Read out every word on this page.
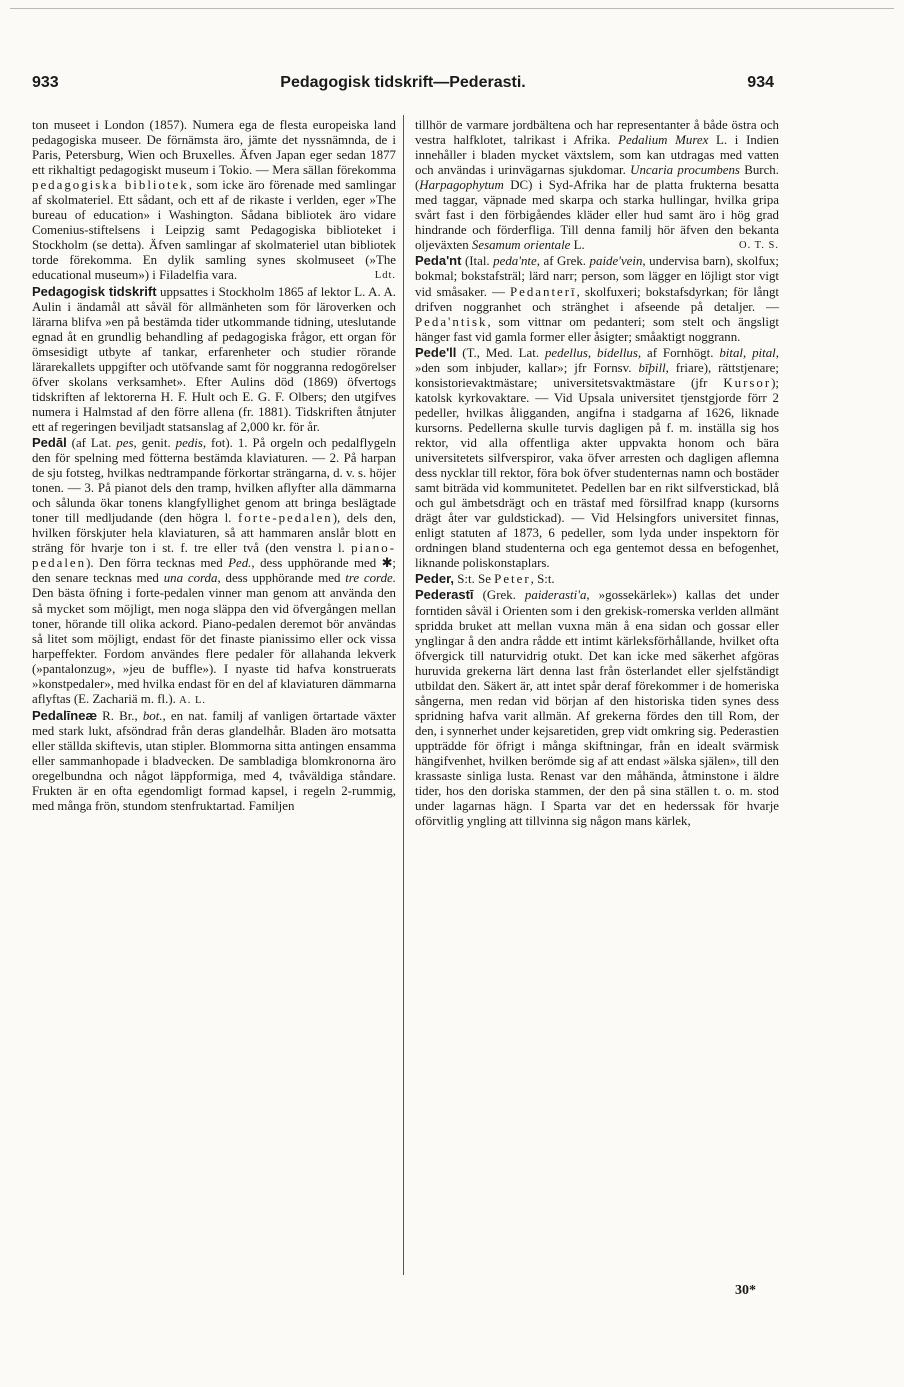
933	Pedagogisk tidskrift—Pederasti.	934

ton museet i London (1857). Numera ega de flesta europeiska land pedagogiska museer. De förnämsta äro, jämte det nyssnämnda, de i Paris, Petersburg, Wien och Bruxelles. Äfven Japan eger sedan 1877 ett rikhaltigt pedagogiskt museum i Tokio. — Mera sällan förekomma pedagogiska bibliotek, som icke äro förenade med samlingar af skolmateriel. Ett sådant, och ett af de rikaste i verlden, eger »The bureau of education» i Washington. Sådana bibliotek äro vidare Comenius-stiftelsens i Leipzig samt Pedagogiska biblioteket i Stockholm (se detta). Äfven samlingar af skolmateriel utan bibliotek torde förekomma. En dylik samling synes skolmuseet (»The educational museum») i Filadelfia vara.	Ldt.

Pedagogisk tidskrift uppsattes i Stockholm 1865 af lektor L. A. A. Aulin i ändamål att såväl för allmänheten som för läroverken och lärarna blifva »en på bestämda tider utkommande tidning, uteslutande egnad åt en grundlig behandling af pedagogiska frågor, ett organ för ömsesidigt utbyte af tankar, erfarenheter och studier rörande lärarekallets uppgifter och utöfvande samt för noggranna redogörelser öfver skolans verksamhet». Efter Aulins död (1869) öfvertogs tidskriften af lektorerna H. F. Hult och E. G. F. Olbers; den utgifves numera i Halmstad af den förre allena (fr. 1881). Tidskriften åtnjuter ett af regeringen beviljadt statsanslag af 2,000 kr. för år.

Pedāl (af Lat. pes, genit. pedis, fot). 1. På orgeln och pedalflygeln den för spelning med fötterna bestämda klaviaturen. — 2. På harpan de sju fotsteg, hvilkas nedtrampande förkortar strängarna, d. v. s. höjer tonen. — 3. På pianot dels den tramp, hvilken aflyfter alla dämmarna och sålunda ökar tonens klangfyllighet genom att bringa beslägtade toner till medljudande (den högra l. forte-pedalen), dels den, hvilken förskjuter hela klaviaturen, så att hammaren anslår blott en sträng för hvarje ton i st. f. tre eller två (den venstra l. piano-pedalen). Den förra tecknas med Ped., dess upphörande med ✱; den senare tecknas med una corda, dess upphörande med tre corde. Den bästa öfning i forte-pedalen vinner man genom att använda den så mycket som möjligt, men noga släppa den vid öfvergången mellan toner, hörande till olika ackord. Piano-pedalen deremot bör användas så litet som möjligt, endast för det finaste pianissimo eller ock vissa harpeffekter. Fordom användes flere pedaler för allahanda lekverk (»pantalonzug», »jeu de buffle»). I nyaste tid hafva konstruerats »konstpedaler», med hvilka endast för en del af klaviaturen dämmarna aflyftas (E. Zachariä m. fl.). A. L.

Pedalīneæ R. Br., bot., en nat. familj af vanligen örtartade växter med stark lukt, afsöndrad från deras glandelhår. Bladen äro motsatta eller ställda skiftevis, utan stipler. Blommorna sitta antingen ensamma eller sammanhopade i bladvecken. De sambladiga blomkronorna äro oregelbundna och något läppformiga, med 4, tvåväldiga ståndare. Frukten är en ofta egendomligt formad kapsel, i regeln 2-rummig, med många frön, stundom stenfruktartad. Familjen

tillhör de varmare jordbältena och har representanter å både östra och vestra halfklotet, talrikast i Afrika. Pedalium Murex L. i Indien innehåller i bladen mycket växtslem, som kan utdragas med vatten och användas i urinvägarnas sjukdomar. Uncaria procumbens Burch. (Harpagophytum DC) i Syd-Afrika har de platta frukterna besatta med taggar, väpnade med skarpa och starka hullingar, hvilka gripa svårt fast i den förbigåendes kläder eller hud samt äro i hög grad hindrande och förderfliga. Till denna familj hör äfven den bekanta oljeväxten Sesamum orientale L.	O. T. S.

Peda'nt (Ital. peda'nte, af Grek. paide'vein, undervisa barn), skolfux; bokmal; bokstafsträl; lärd narr; person, som lägger en löjligt stor vigt vid småsaker. — Pedanterī, skolfuxeri; bokstafsdyrkan; för långt drifven noggranhet och stränghet i afseende på detaljer. — Peda'ntisk, som vittnar om pedanteri; som stelt och ängsligt hänger fast vid gamla former eller åsigter; småaktigt noggrann.

Pede'll (T., Med. Lat. pedellus, bidellus, af Fornhögt. bital, pital, »den som inbjuder, kallar»; jfr Fornsv. bīþill, friare), rättstjenare; konsistorievaktmästare; universitetsvaktmästare (jfr Kursor); katolsk kyrkovaktare. — Vid Upsala universitet tjenstgjorde förr 2 pedeller, hvilkas åligganden, angifna i stadgarna af 1626, liknade kursorns. Pedellerna skulle turvis dagligen på f. m. inställa sig hos rektor, vid alla offentliga akter uppvakta honom och bära universitetets silfverspiror, vaka öfver arresten och dagligen aflemna dess nycklar till rektor, föra bok öfver studenternas namn och bostäder samt biträda vid kommunitetet. Pedellen bar en rikt silfverstickad, blå och gul ämbetsdrägt och en trästaf med försilfrad knapp (kursorns drägt åter var guldstickad). — Vid Helsingfors universitet finnas, enligt statuten af 1873, 6 pedeller, som lyda under inspektorn för ordningen bland studenterna och ega gentemot dessa en befogenhet, liknande poliskonstaplars.

Peder, S:t. Se Peter, S:t.

Pederastī (Grek. paiderasti'a, »gossekärlek») kallas det under forntiden såväl i Orienten som i den grekisk-romerska verlden allmänt spridda bruket att mellan vuxna män å ena sidan och gossar eller ynglingar å den andra rådde ett intimt kärleksförhållande, hvilket ofta öfvergick till naturvidrig otukt. Det kan icke med säkerhet afgöras huruvida grekerna lärt denna last från österlandet eller sjelfständigt utbildat den. Säkert är, att intet spår deraf förekommer i de homeriska sångerna, men redan vid början af den historiska tiden synes dess spridning hafva varit allmän. Af grekerna fördes den till Rom, der den, i synnerhet under kejsaretiden, grep vidt omkring sig. Pederastien uppträdde för öfrigt i många skiftningar, från en idealt svärmisk hängifvenhet, hvilken berömde sig af att endast »älska själen», till den krassaste sinliga lusta. Renast var den måhända, åtminstone i äldre tider, hos den doriska stammen, der den på sina ställen t. o. m. stod under lagarnas hägn. I Sparta var det en hederssak för hvarje oförvitlig yngling att tillvinna sig någon mans kärlek,

30*
